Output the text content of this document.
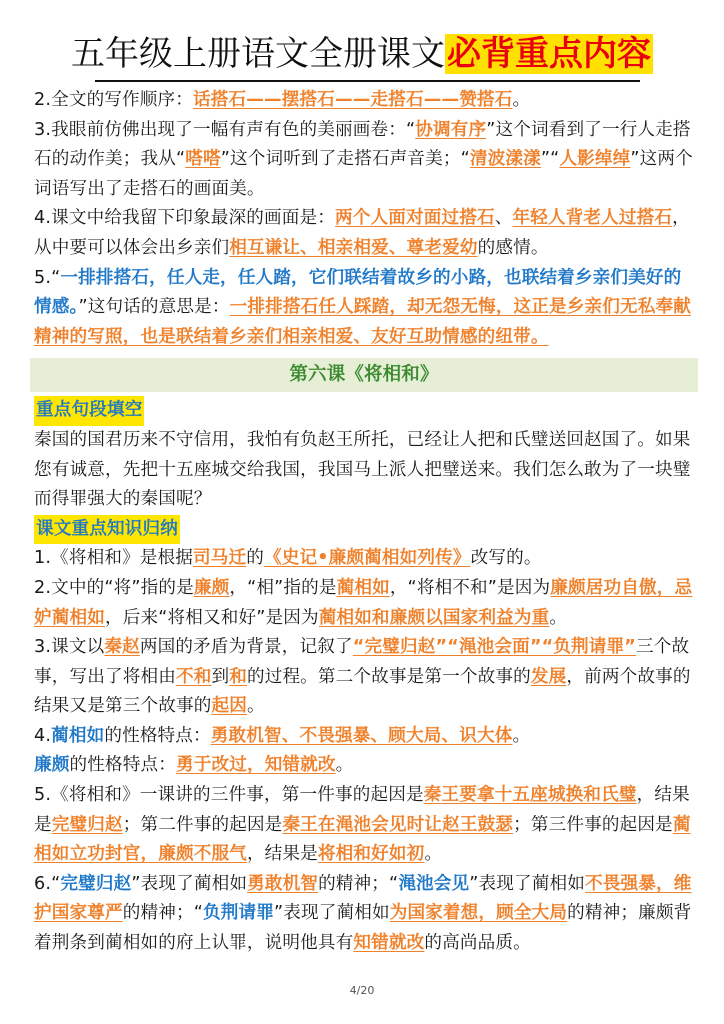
五年级上册语文全册课文必背重点内容

2.全文的写作顺序：话搭石——摆搭石——走搭石——赞搭石。

3.我眼前仿佛出现了一幅有声有色的美丽画卷：“协调有序”这个词看到了一行人走搭石的动作美；我从“嗒嗒”这个词听到了走搭石声音美；“清波漾漾”“人影绰绰”这两个词语写出了走搭石的画面美。

4.课文中给我留下印象最深的画面是：两个人面对面过搭石、年轻人背老人过搭石，从中要可以体会出乡亲们相互谦让、相亲相爱、尊老爱幼的感情。

5.“一排排搭石，任人走，任人踏，它们联结着故乡的小路，也联结着乡亲们美好的情感。”这句话的意思是：一排排搭石任人踩踏，却无怨无悔，这正是乡亲们无私奉献精神的写照，也是联结着乡亲们相亲相爱、友好互助情感的纽带。

第六课《将相和》

重点句段填空

秦国的国君历来不守信用，我怕有负赵王所托，已经让人把和氏璧送回赵国了。如果您有诚意，先把十五座城交给我国，我国马上派人把璧送来。我们怎么敢为了一块璧而得罪强大的秦国呢？

课文重点知识归纳

1.《将相和》是根据司马迁的《史记•廉颇蔺相如列传》改写的。

2.文中的“将”指的是廉颇，“相”指的是蔺相如，“将相不和”是因为廉颇居功自傲，忌妒蔺相如，后来“将相又和好”是因为蔺相如和廉颇以国家利益为重。

3.课文以秦赵两国的矛盾为背景，记叙了“完璧归赵”“渑池会面”“负荆请罪”三个故事，写出了将相由不和到和的过程。第二个故事是第一个故事的发展，前两个故事的结果又是第三个故事的起因。

4.蔺相如的性格特点：勇敢机智、不畏强暴、顾大局、识大体。

廉颇的性格特点：勇于改过，知错就改。

5.《将相和》一课讲的三件事，第一件事的起因是秦王要拿十五座城换和氏璧，结果是完璧归赵；第二件事的起因是秦王在渑池会见时让赵王鼓瑟；第三件事的起因是蔺相如立功封官，廉颇不服气，结果是将相和好如初。

6.“完璧归赵”表现了蔺相如勇敢机智的精神；“渑池会见”表现了蔺相如不畏强暴，维护国家尊严的精神；“负荆请罪”表现了蔺相如为国家着想，顾全大局的精神；廉颇背着荆条到蔺相如的府上认罪，说明他具有知错就改的高尚品质。

4/20
